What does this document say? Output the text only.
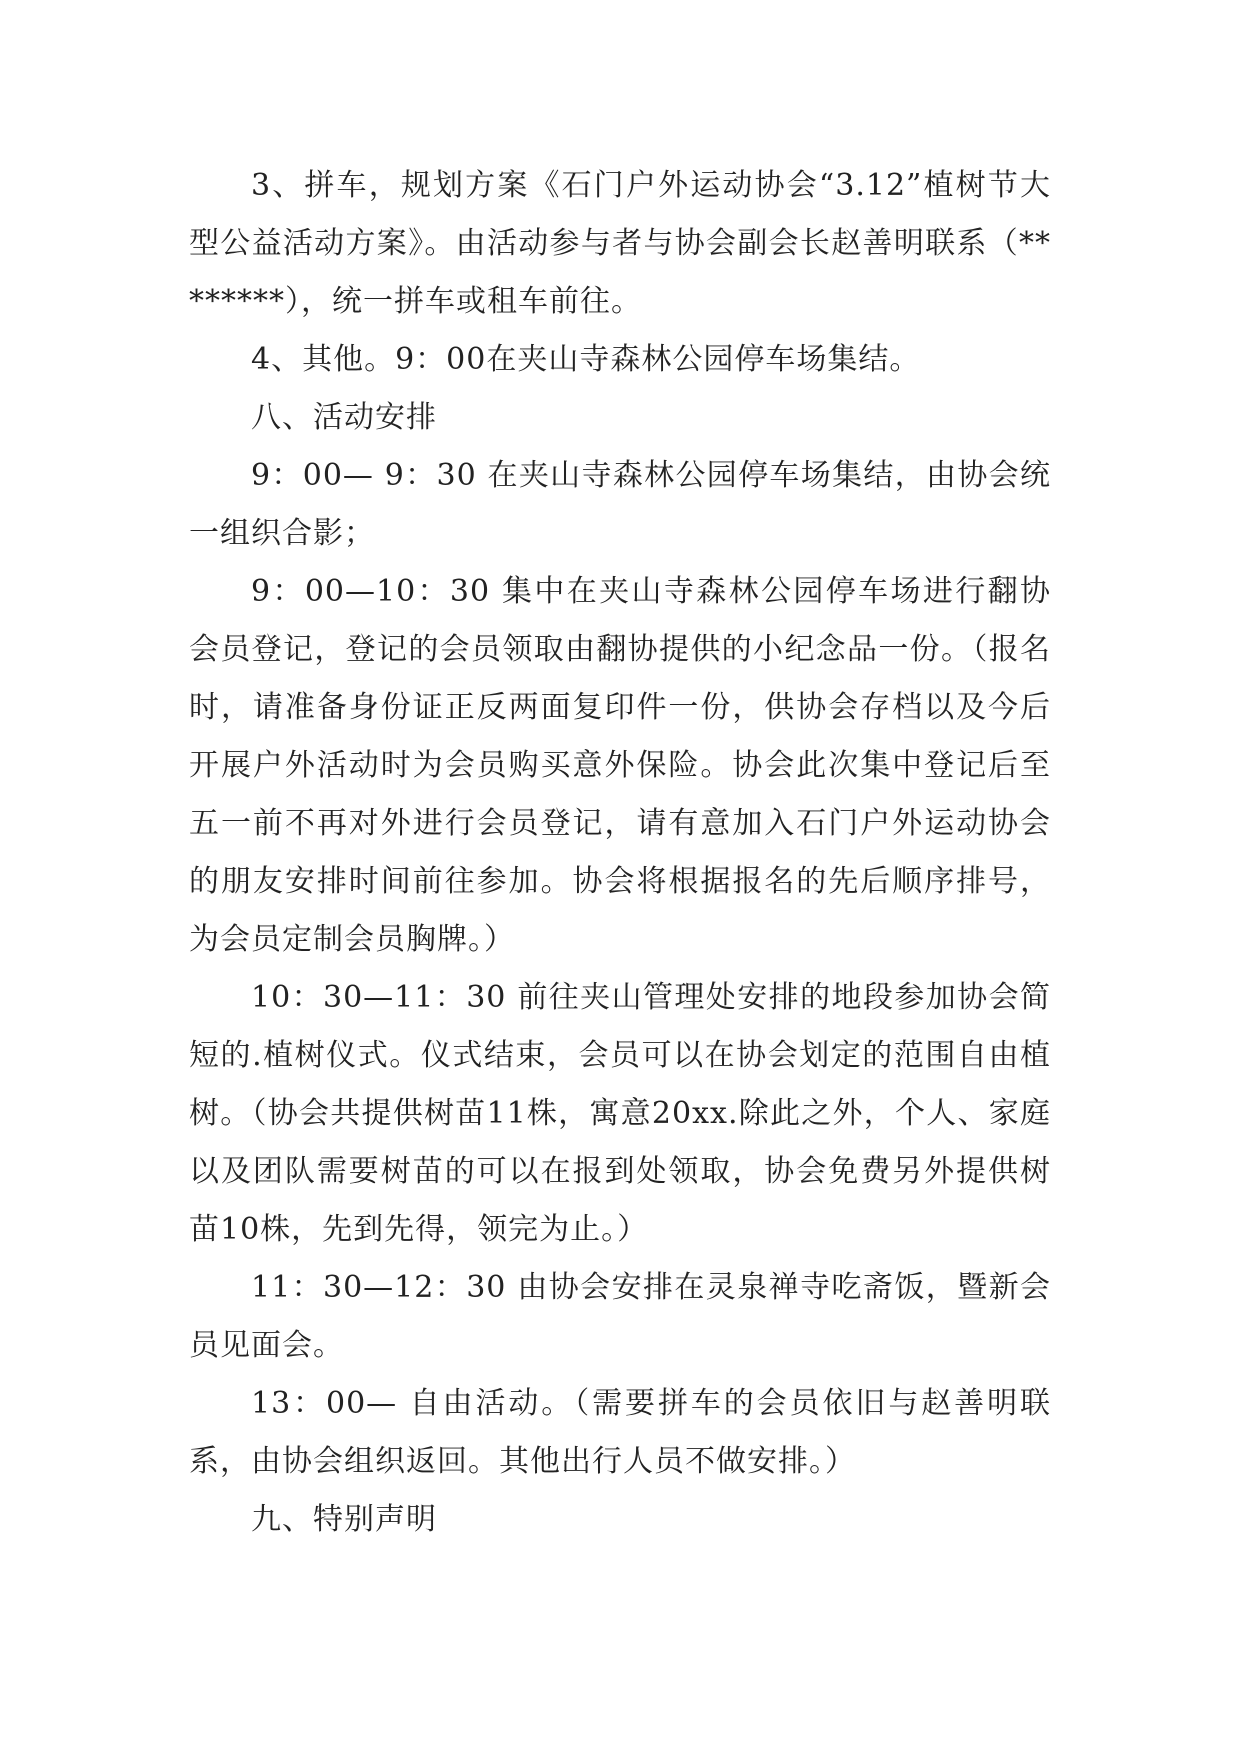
3、拼车，规划方案《石门户外运动协会“3.12”植树节大型公益活动方案》。由活动参与者与协会副会长赵善明联系（********），统一拼车或租车前往。

4、其他。9：00在夹山寺森林公园停车场集结。

八、活动安排

9：00— 9：30 在夹山寺森林公园停车场集结，由协会统一组织合影；

9：00—10：30 集中在夹山寺森林公园停车场进行翻协会员登记，登记的会员领取由翻协提供的小纪念品一份。（报名时，请准备身份证正反两面复印件一份，供协会存档以及今后开展户外活动时为会员购买意外保险。协会此次集中登记后至五一前不再对外进行会员登记，请有意加入石门户外运动协会的朋友安排时间前往参加。协会将根据报名的先后顺序排号，为会员定制会员胸牌。）

10：30—11：30 前往夹山管理处安排的地段参加协会简短的.植树仪式。仪式结束，会员可以在协会划定的范围自由植树。（协会共提供树苗11株，寓意20xx.除此之外，个人、家庭以及团队需要树苗的可以在报到处领取，协会免费另外提供树苗10株，先到先得，领完为止。）

11：30—12：30 由协会安排在灵泉禅寺吃斋饭，暨新会员见面会。

13：00— 自由活动。（需要拼车的会员依旧与赵善明联系，由协会组织返回。其他出行人员不做安排。）

九、特别声明
